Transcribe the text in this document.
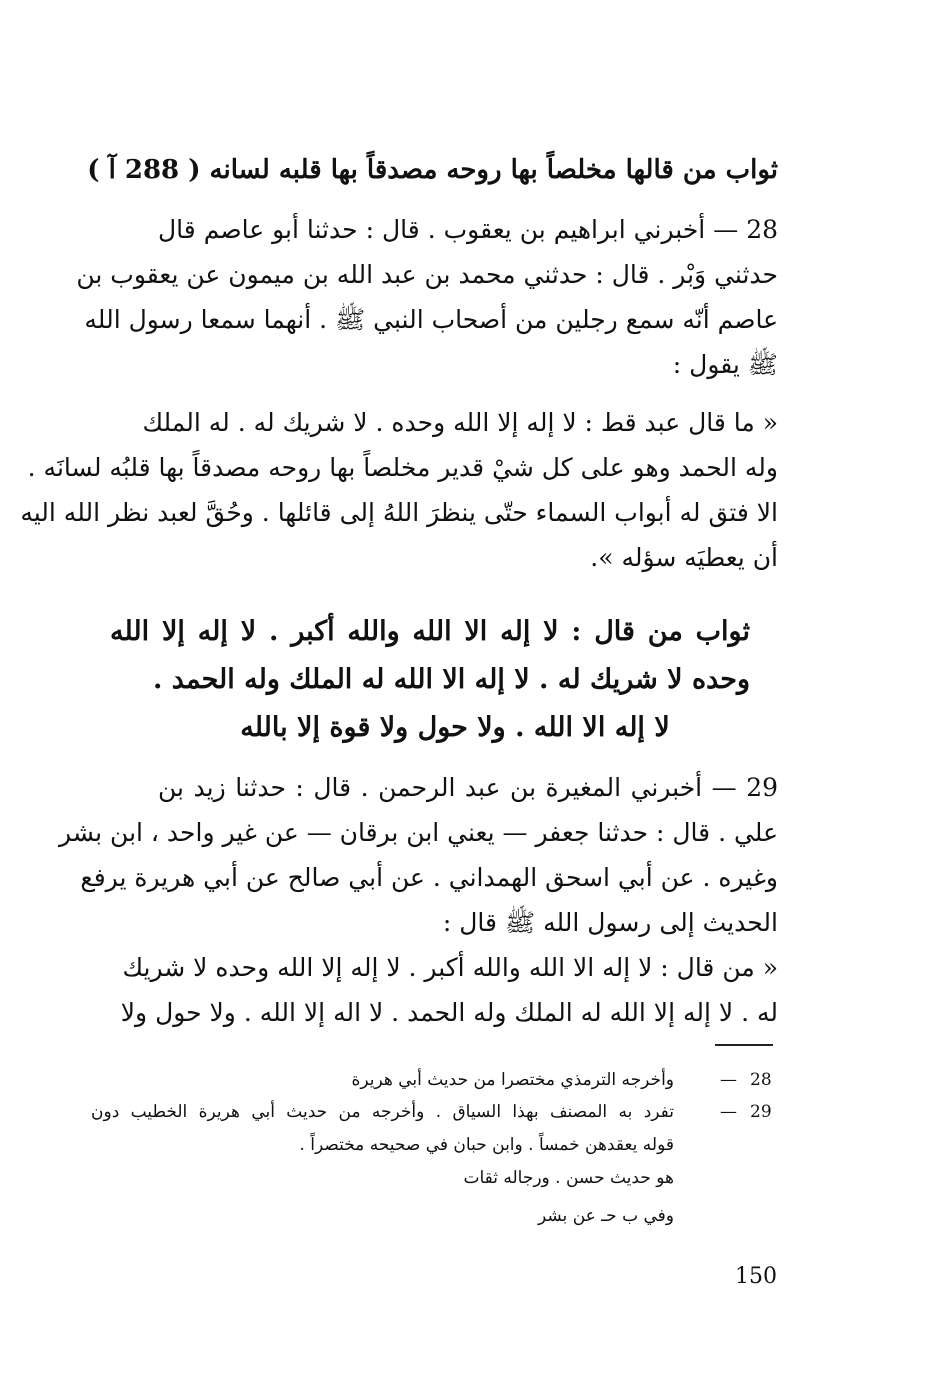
ثواب من قالها مخلصاً بها روحه مصدقاً بها قلبه لسانه ( 288 آ )
28 — أخبرني ابراهيم بن يعقوب . قال : حدثنا أبو عاصم قال
حدثني وَبْر . قال : حدثني محمد بن عبد الله بن ميمون عن يعقوب بن
عاصم أنّه سمع رجلين من أصحاب النبي ﷺ . أنهما سمعا رسول الله
ﷺ يقول :
« ما قال عبد قط : لا إله إلا الله وحده . لا شريك له . له الملك
وله الحمد وهو على كل شيْ قدير مخلصاً بها روحه مصدقاً بها قلبُه لسانَه .
الا فتق له أبواب السماء حتّى ينظرَ اللهُ إلى قائلها . وحُقَّ لعبد نظر الله اليه
أن يعطيَه سؤله ».
ثواب من قال : لا إله الا الله والله أكبر . لا إله إلا الله
وحده لا شريك له . لا إله الا الله له الملك وله الحمد .
لا إله الا الله . ولا حول ولا قوة إلا بالله
29 — أخبرني المغيرة بن عبد الرحمن . قال : حدثنا زيد بن
علي . قال : حدثنا جعفر — يعني ابن برقان — عن غير واحد ، ابن بشر
وغيره . عن أبي اسحق الهمداني . عن أبي صالح عن أبي هريرة يرفع
الحديث إلى رسول الله ﷺ قال :
« من قال : لا إله الا الله والله أكبر . لا إله إلا الله وحده لا شريك
له . لا إله إلا الله له الملك وله الحمد . لا اله إلا الله . ولا حول ولا
28
—
وأخرجه الترمذي مختصرا من حديث أبي هريرة
29
—
تفرد به المصنف بهذا السياق . وأخرجه من حديث أبي هريرة الخطيب دون
قوله يعقدهن خمساً . وابن حبان في صحيحه مختصراً .
هو حديث حسن . ورجاله ثقات
وفي ب حـ عن بشر
150
